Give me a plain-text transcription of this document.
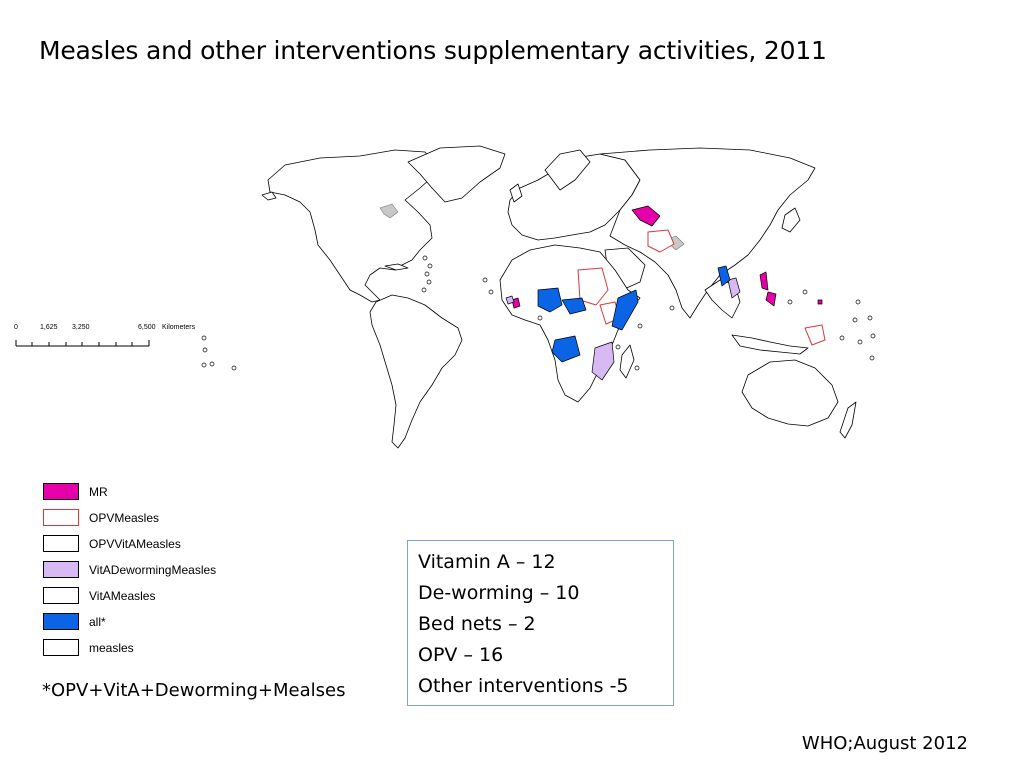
Measles and other interventions supplementary activities, 2011
0	1,625 3,250	6,500 Kilometers
MR
OPVMeasles
OPVVitAMeasles
VitADewormingMeasles
VitAMeasles
all*
measles
*OPV+VitA+Deworming+Mealses
Vitamin A – 12
De-worming – 10
Bed nets – 2
OPV – 16
Other interventions -5
WHO;August 2012
